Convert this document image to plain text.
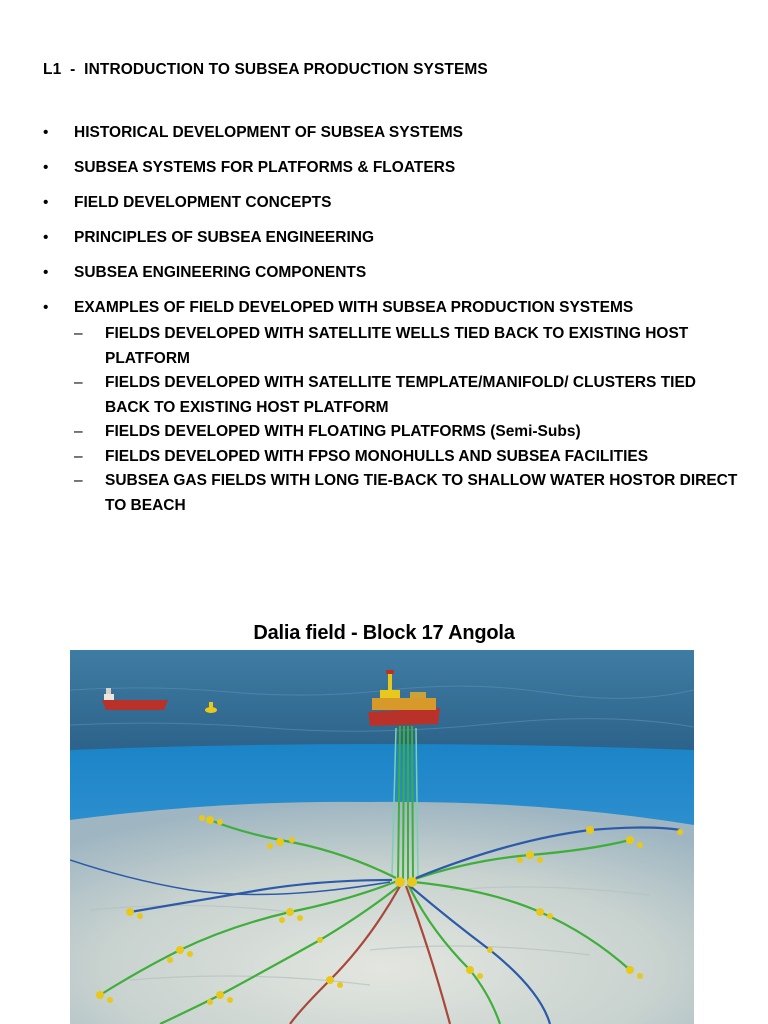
L1  -  INTRODUCTION TO SUBSEA PRODUCTION SYSTEMS
• HISTORICAL DEVELOPMENT OF SUBSEA SYSTEMS
• SUBSEA SYSTEMS FOR PLATFORMS & FLOATERS
• FIELD DEVELOPMENT CONCEPTS
• PRINCIPLES OF SUBSEA ENGINEERING
• SUBSEA ENGINEERING COMPONENTS
• EXAMPLES OF FIELD DEVELOPED WITH SUBSEA PRODUCTION SYSTEMS
– FIELDS DEVELOPED WITH SATELLITE WELLS TIED BACK TO EXISTING HOST PLATFORM
– FIELDS DEVELOPED WITH SATELLITE TEMPLATE/MANIFOLD/ CLUSTERS TIED BACK TO EXISTING HOST PLATFORM
– FIELDS DEVELOPED WITH FLOATING PLATFORMS (Semi-Subs)
– FIELDS DEVELOPED WITH FPSO MONOHULLS AND SUBSEA FACILITIES
– SUBSEA GAS FIELDS WITH LONG TIE-BACK TO SHALLOW WATER HOSTOR DIRECT TO BEACH
Dalia field - Block 17 Angola
